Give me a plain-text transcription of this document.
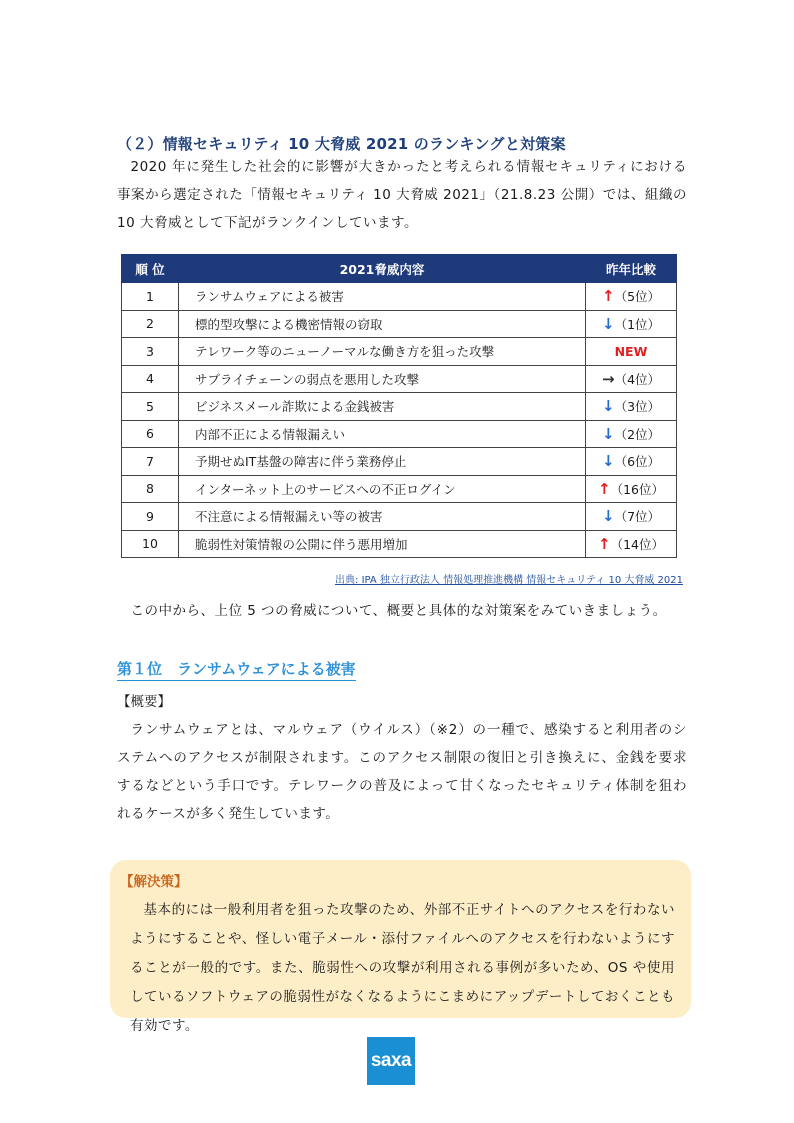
（２）情報セキュリティ 10 大脅威 2021 のランキングと対策案
2020 年に発生した社会的に影響が大きかったと考えられる情報セキュリティにおける事案から選定された「情報セキュリティ 10 大脅威 2021」（21.8.23 公開）では、組織の 10 大脅威として下記がランクインしています。
順 位	2021脅威内容	昨年比較
1	ランサムウェアによる被害	↑（5位）
2	標的型攻撃による機密情報の窃取	↓（1位）
3	テレワーク等のニューノーマルな働き方を狙った攻撃	NEW
4	サプライチェーンの弱点を悪用した攻撃	→（4位）
5	ビジネスメール詐欺による金銭被害	↓（3位）
6	内部不正による情報漏えい	↓（2位）
7	予期せぬIT基盤の障害に伴う業務停止	↓（6位）
8	インターネット上のサービスへの不正ログイン	↑（16位）
9	不注意による情報漏えい等の被害	↓（7位）
10	脆弱性対策情報の公開に伴う悪用増加	↑（14位）
出典: IPA 独立行政法人 情報処理推進機構 情報セキュリティ 10 大脅威 2021
この中から、上位 5 つの脅威について、概要と具体的な対策案をみていきましょう。
第１位　ランサムウェアによる被害
【概要】
ランサムウェアとは、マルウェア（ウイルス）（※2）の一種で、感染すると利用者のシステムへのアクセスが制限されます。このアクセス制限の復旧と引き換えに、金銭を要求するなどという手口です。テレワークの普及によって甘くなったセキュリティ体制を狙われるケースが多く発生しています。
【解決策】
基本的には一般利用者を狙った攻撃のため、外部不正サイトへのアクセスを行わないようにすることや、怪しい電子メール・添付ファイルへのアクセスを行わないようにすることが一般的です。また、脆弱性への攻撃が利用される事例が多いため、OS や使用しているソフトウェアの脆弱性がなくなるようにこまめにアップデートしておくことも有効です。
saxa
